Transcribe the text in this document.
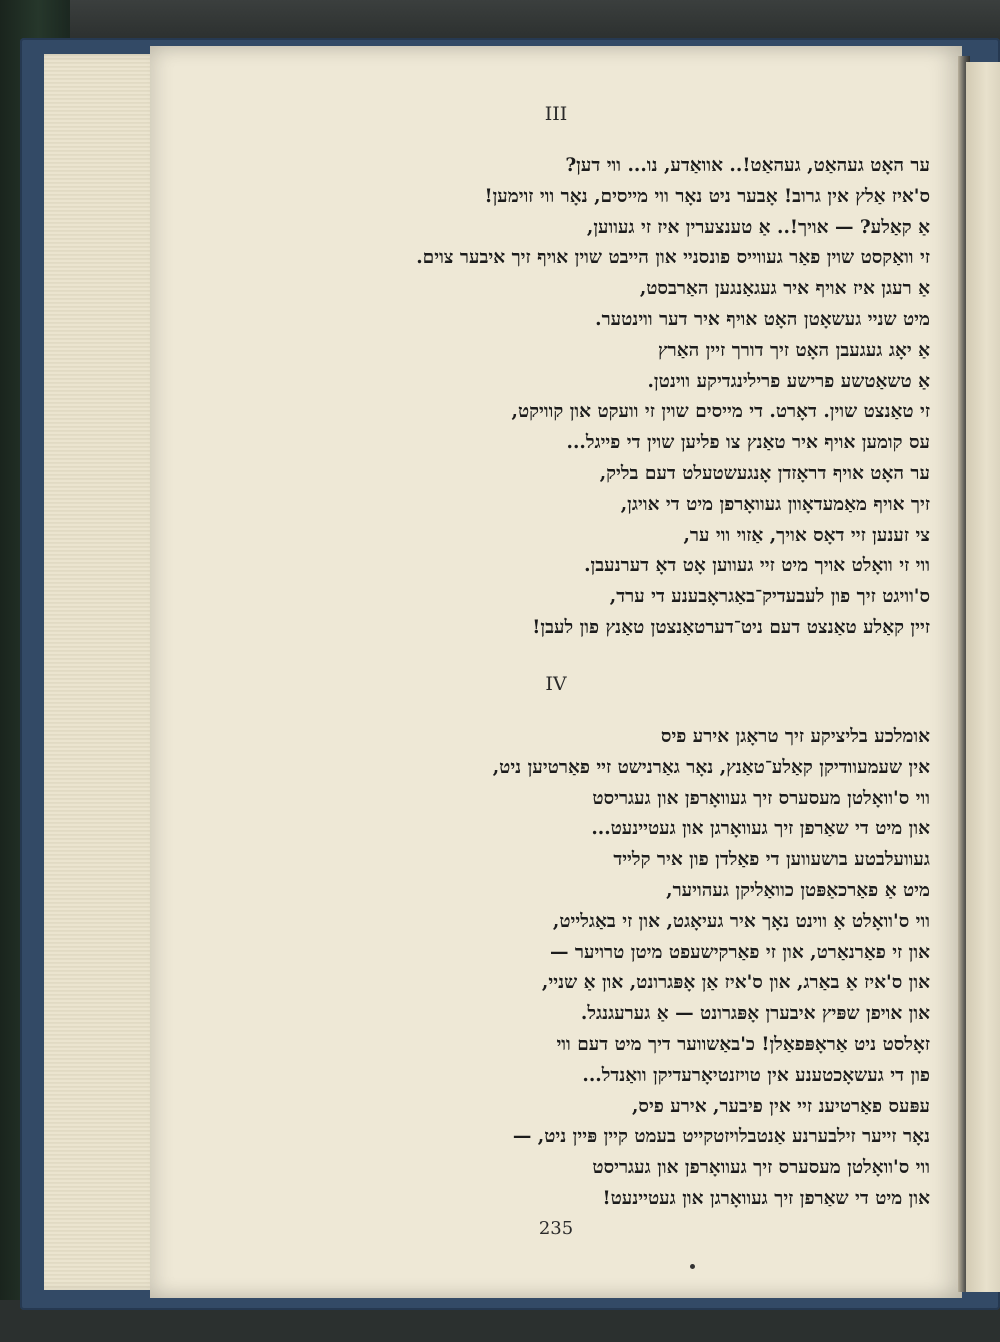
III
ער האָט געהאַט, געהאַט!.. אוואַדע, נו... ווי דען?
ס'איז אַלץ אין גרוב! אָבער ניט נאָר ווי מייסים, נאָר ווי זוימען!
אַ קאַלע? — אויך!.. אַ טענצערין איז זי געווען,
זי וואַקסט שוין פאַר געווייס פונסניי און הייבט שוין אויף זיך איבער צוים.
אַ רעגן איז אויף איר געגאַנגען האַרבסט,
מיט שניי געשאָטן האָט אויף איר דער ווינטער.
אַ יאָג געגעבן האָט זיך דורך זיין האַרץ
אַ טשאַטשע פרישע פרילינגדיקע ווינטן.
זי טאַנצט שוין. דאָרט. די מייסים שוין זי וועקט און קוויקט,
עס קומען אויף איר טאַנץ צו פליען שוין די פייגל...
ער האָט אויף דראָזדן אָנגעשטעלט דעם בליק,
זיך אויף מאַמעדאָוון געוואָרפן מיט די אויגן,
צי זענען זיי דאָס אויך, אַזוי ווי ער,
ווי זי וואָלט אויך מיט זיי געווען אָט דאָ דערנעבן.
ס'וויגט זיך פון לעבעדיק־באַגראָבענע די ערד,
זיין קאַלע טאַנצט דעם ניט־דערטאַנצטן טאַנץ פון לעבן!
IV
אומלכע בליציקע זיך טראָגן אירע פיס
אין שעמעוודיקן קאַלע־טאַנץ, נאָר גאַרנישט זיי פאַרטיען ניט,
ווי ס'וואָלטן מעסערס זיך געוואָרפן און געגריסט
און מיט די שאַרפן זיך געוואָרגן און געטיינעט...
געוועלבטע בושעווען די פאַלדן פון איר קלייד
מיט אַ פאַרכאַפּטן כוואַליקן געהויער,
ווי ס'וואָלט אַ ווינט נאָך איר געיאָגט, און זי באַגלייט,
און זי פאַרנאַרט, און זי פאַרקישעפט מיטן טרויער —
און ס'איז אַ באַרג, און ס'איז אַן אָפּגרונט, און אַ שניי,
און אויפן שפּיץ איבערן אָפּגרונט — אַ גערעגנגל.
זאָלסט ניט אַראָפּפאַלן! כ'באַשווער דיך מיט דעם ווי
פון די געשאָכטענע אין טויזנטיאָרעדיקן וואַנדל...
עפּעס פאַרטיענ זיי אין פיבער, אירע פיס,
נאָר זייער זילבערנע אַנטבלויזטקייט בעמט קיין פּיין ניט, —
ווי ס'וואָלטן מעסערס זיך געוואָרפן און געגריסט
און מיט די שאַרפן זיך געוואָרגן און געטיינעט!
235
